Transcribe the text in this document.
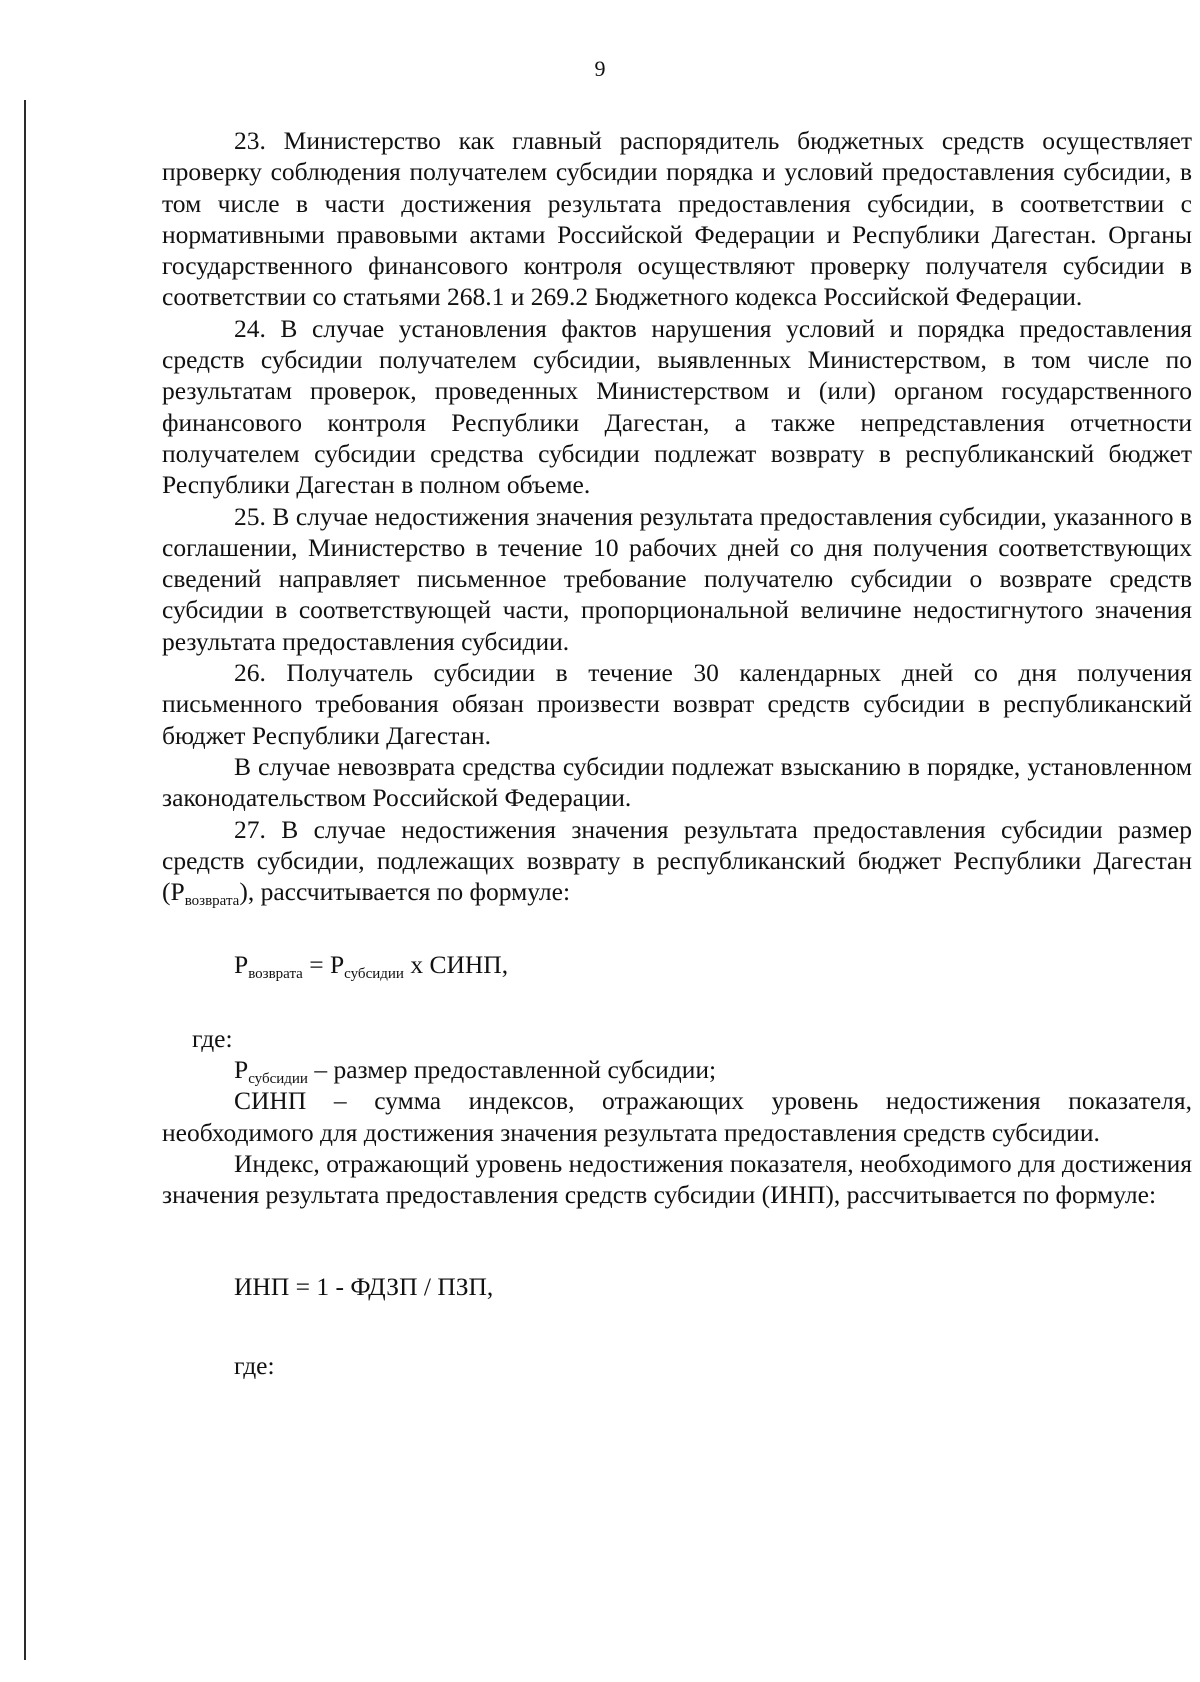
9

23. Министерство как главный распорядитель бюджетных средств осуществляет проверку соблюдения получателем субсидии порядка и условий предоставления субсидии, в том числе в части достижения результата предоставления субсидии, в соответствии с нормативными правовыми актами Российской Федерации и Республики Дагестан. Органы государственного финансового контроля осуществляют проверку получателя субсидии в соответствии со статьями 268.1 и 269.2 Бюджетного кодекса Российской Федерации.

24. В случае установления фактов нарушения условий и порядка предоставления средств субсидии получателем субсидии, выявленных Министерством, в том числе по результатам проверок, проведенных Министерством и (или) органом государственного финансового контроля Республики Дагестан, а также непредставления отчетности получателем субсидии средства субсидии подлежат возврату в республиканский бюджет Республики Дагестан в полном объеме.

25. В случае недостижения значения результата предоставления субсидии, указанного в соглашении, Министерство в течение 10 рабочих дней со дня получения соответствующих сведений направляет письменное требование получателю субсидии о возврате средств субсидии в соответствующей части, пропорциональной величине недостигнутого значения результата предоставления субсидии.

26. Получатель субсидии в течение 30 календарных дней со дня получения письменного требования обязан произвести возврат средств субсидии в республиканский бюджет Республики Дагестан.

В случае невозврата средства субсидии подлежат взысканию в порядке, установленном законодательством Российской Федерации.

27. В случае недостижения значения результата предоставления субсидии размер средств субсидии, подлежащих возврату в республиканский бюджет Республики Дагестан $(Р_{возврата})$, рассчитывается по формуле:

$Р_{возврата} = Р_{субсидии}$ х СИНП,

где:

$Р_{субсидии}$ – размер предоставленной субсидии;

СИНП – сумма индексов, отражающих уровень недостижения показателя, необходимого для достижения значения результата предоставления средств субсидии.

Индекс, отражающий уровень недостижения показателя, необходимого для достижения значения результата предоставления средств субсидии (ИНП), рассчитывается по формуле:

ИНП = 1 - ФДЗП / ПЗП,

где:
